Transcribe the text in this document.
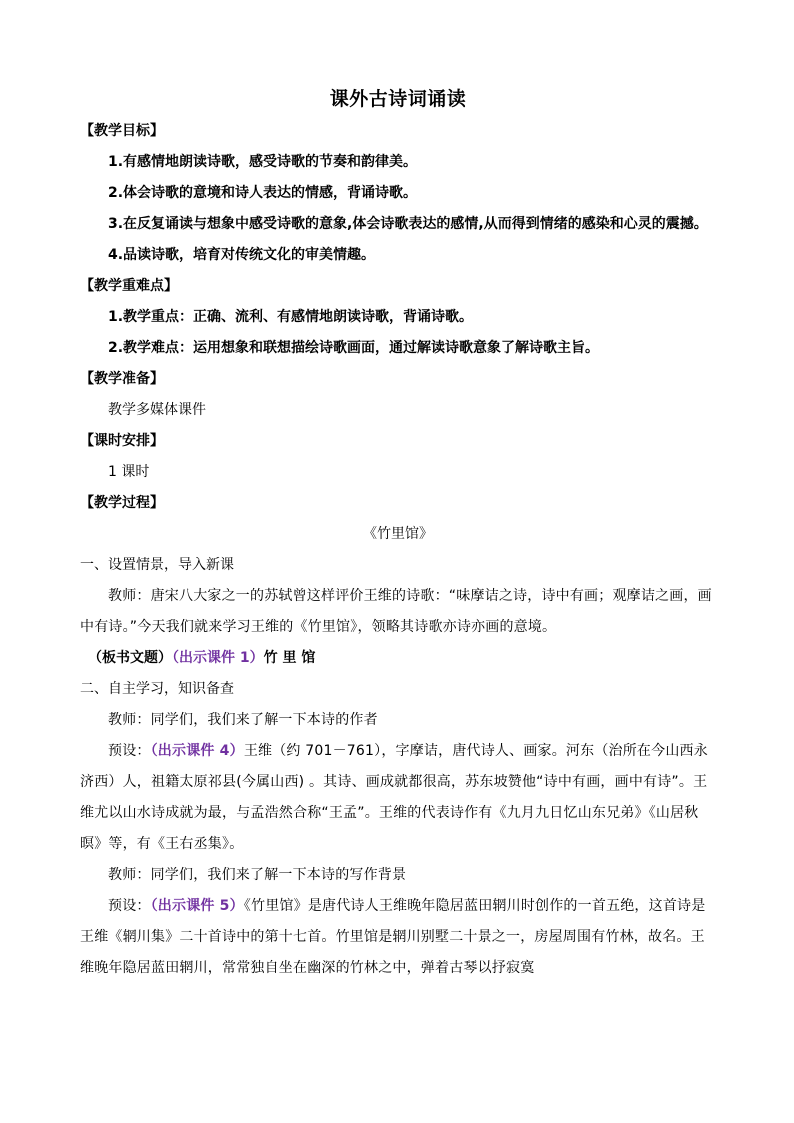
课外古诗词诵读
【教学目标】
1.有感情地朗读诗歌，感受诗歌的节奏和韵律美。
2.体会诗歌的意境和诗人表达的情感，背诵诗歌。
3.在反复诵读与想象中感受诗歌的意象,体会诗歌表达的感情,从而得到情绪的感染和心灵的震撼。
4.品读诗歌，培育对传统文化的审美情趣。
【教学重难点】
1.教学重点：正确、流利、有感情地朗读诗歌，背诵诗歌。
2.教学难点：运用想象和联想描绘诗歌画面，通过解读诗歌意象了解诗歌主旨。
【教学准备】
教学多媒体课件
【课时安排】
1 课时
【教学过程】
《竹里馆》
一、设置情景，导入新课
教师：唐宋八大家之一的苏轼曾这样评价王维的诗歌：“味摩诘之诗，诗中有画；观摩诘之画，画中有诗。”今天我们就来学习王维的《竹里馆》，领略其诗歌亦诗亦画的意境。
（板书文题）（出示课件 1）竹 里 馆
二、自主学习，知识备查
教师：同学们，我们来了解一下本诗的作者
预设：（出示课件 4）王维（约 701－761），字摩诘，唐代诗人、画家。河东（治所在今山西永济西）人，祖籍太原祁县(今属山西) 。其诗、画成就都很高，苏东坡赞他“诗中有画，画中有诗”。王维尤以山水诗成就为最，与孟浩然合称“王孟”。王维的代表诗作有《九月九日忆山东兄弟》《山居秋暝》等，有《王右丞集》。
教师：同学们，我们来了解一下本诗的写作背景
预设：（出示课件 5）《竹里馆》是唐代诗人王维晚年隐居蓝田辋川时创作的一首五绝，这首诗是王维《辋川集》二十首诗中的第十七首。竹里馆是辋川别墅二十景之一，房屋周围有竹林，故名。王维晚年隐居蓝田辋川，常常独自坐在幽深的竹林之中，弹着古琴以抒寂寞
